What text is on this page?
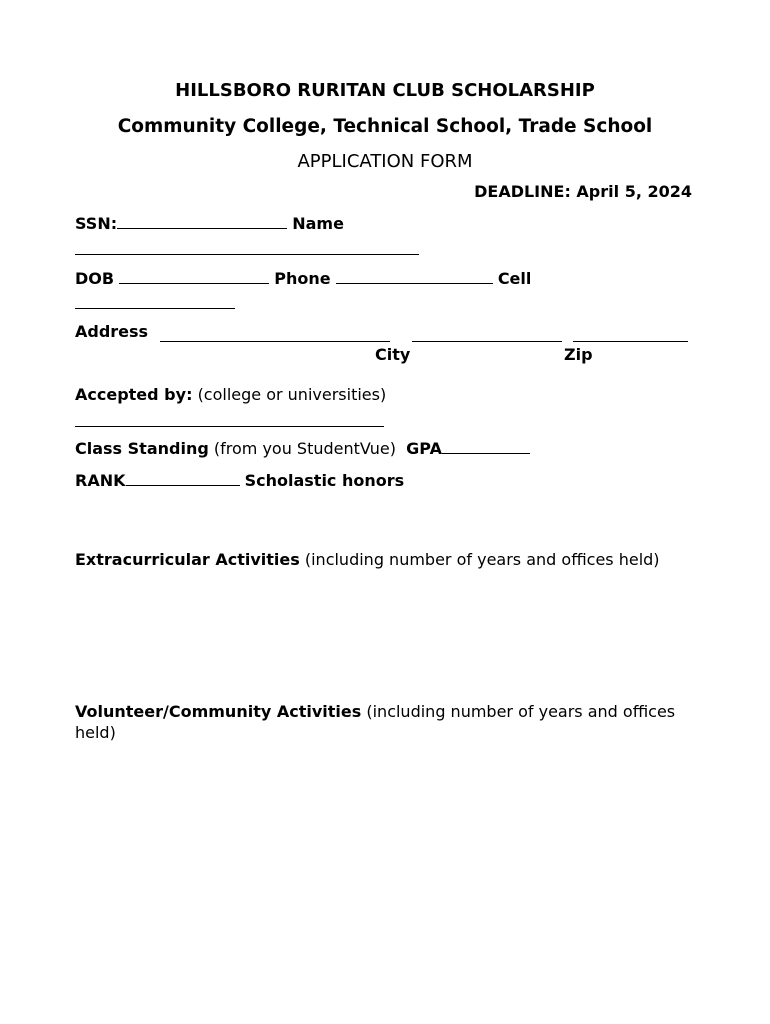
HILLSBORO RURITAN CLUB SCHOLARSHIP
Community College, Technical School, Trade School
APPLICATION FORM
DEADLINE: April 5, 2024
SSN:	Name
DOB	Phone	Cell
Address
City	Zip
Accepted by: (college or universities)
Class Standing (from you StudentVue) GPA
RANK	Scholastic honors
Extracurricular Activities (including number of years and offices held)
Volunteer/Community Activities (including number of years and offices held)
